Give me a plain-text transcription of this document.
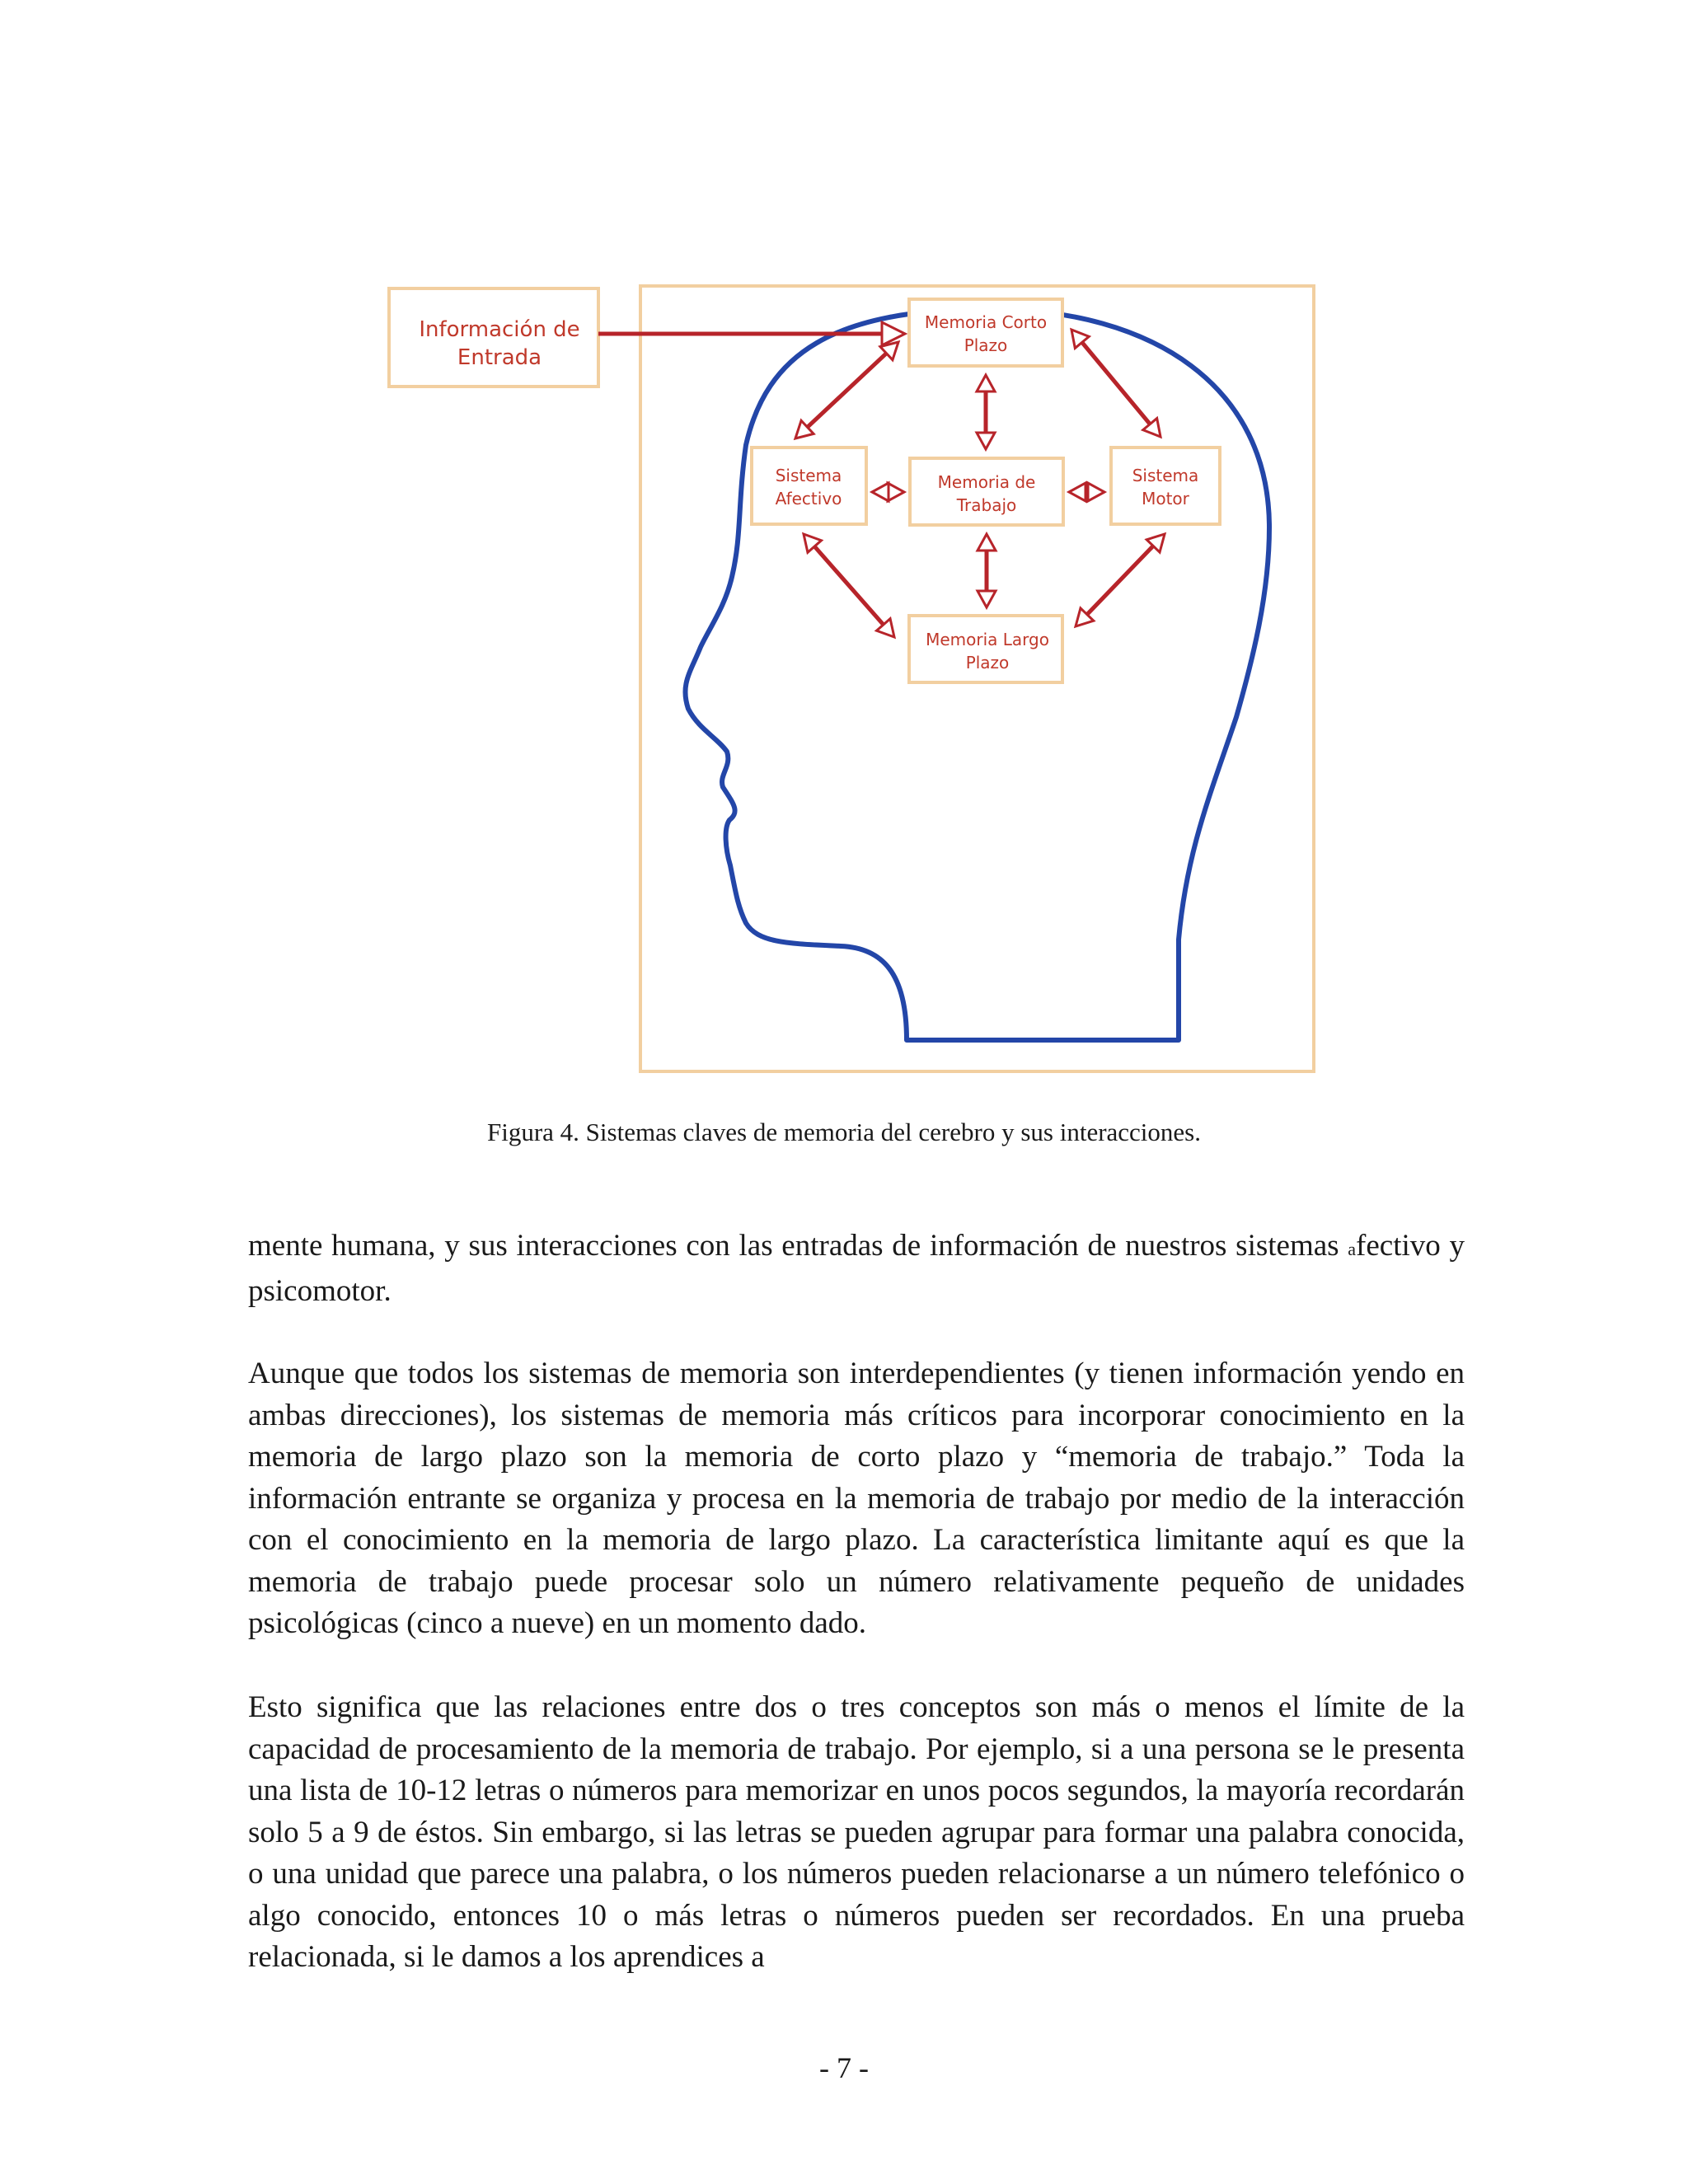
Información de
Entrada
Memoria Corto
Plazo
Sistema
Afectivo
Memoria de
Trabajo
Sistema
Motor
Memoria Largo
Plazo
Figura 4. Sistemas claves de memoria del cerebro y sus interacciones.

mente humana, y sus interacciones con las entradas de información de nuestros sistemas afectivo y psicomotor.

Aunque que todos los sistemas de memoria son interdependientes (y tienen información yendo en ambas direcciones), los sistemas de memoria más críticos para incorporar conocimiento en la memoria de largo plazo son la memoria de corto plazo y “memoria de trabajo.” Toda la información entrante se organiza y procesa en la memoria de trabajo por medio de la interacción con el conocimiento en la memoria de largo plazo. La característica limitante aquí es que la memoria de trabajo puede procesar solo un número relativamente pequeño de unidades psicológicas (cinco a nueve) en un momento dado.

Esto significa que las relaciones entre dos o tres conceptos son más o menos el límite de la capacidad de procesamiento de la memoria de trabajo. Por ejemplo, si a una persona se le presenta una lista de 10-12 letras o números para memorizar en unos pocos segundos, la mayoría recordarán solo 5 a 9 de éstos. Sin embargo, si las letras se pueden agrupar para formar una palabra conocida, o una unidad que parece una palabra, o los números pueden relacionarse a un número telefónico o algo conocido, entonces 10 o más letras o números pueden ser recordados. En una prueba relacionada, si le damos a los aprendices a

- 7 -
